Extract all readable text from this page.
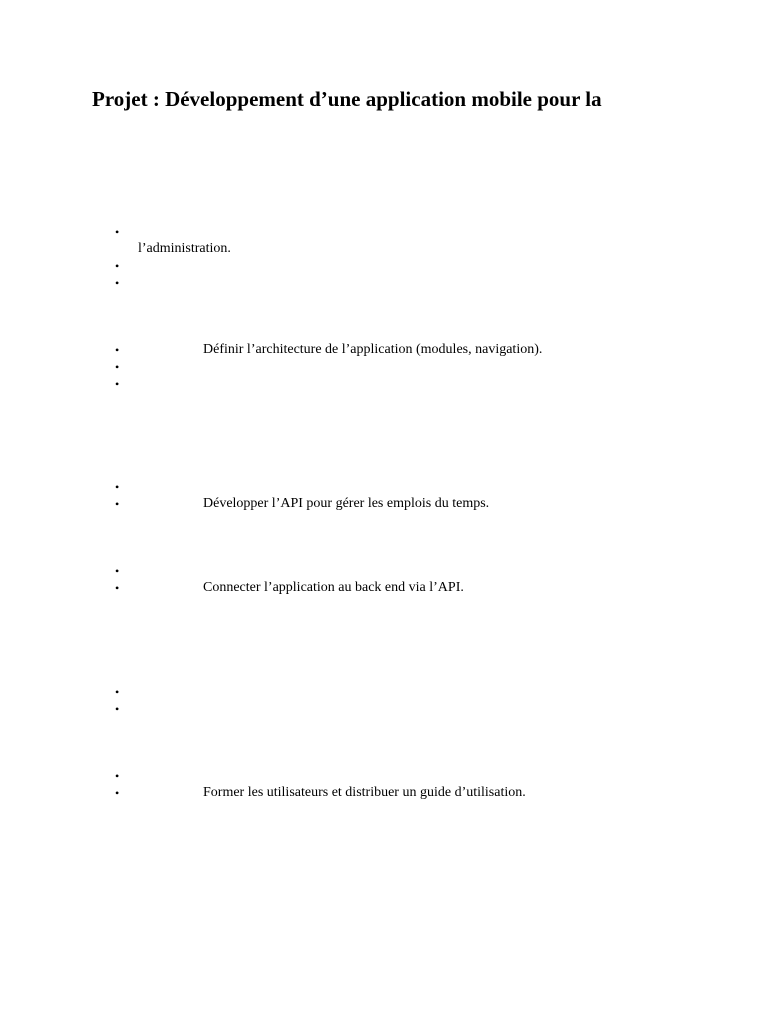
Projet : Développement d’une application mobile pour la
•
l’administration.
•
•
•	Définir l’architecture de l’application (modules, navigation).
•
•
•
•	Développer l’API pour gérer les emplois du temps.
•
•	Connecter l’application au back end via l’API.
•
•
•
•	Former les utilisateurs et distribuer un guide d’utilisation.
